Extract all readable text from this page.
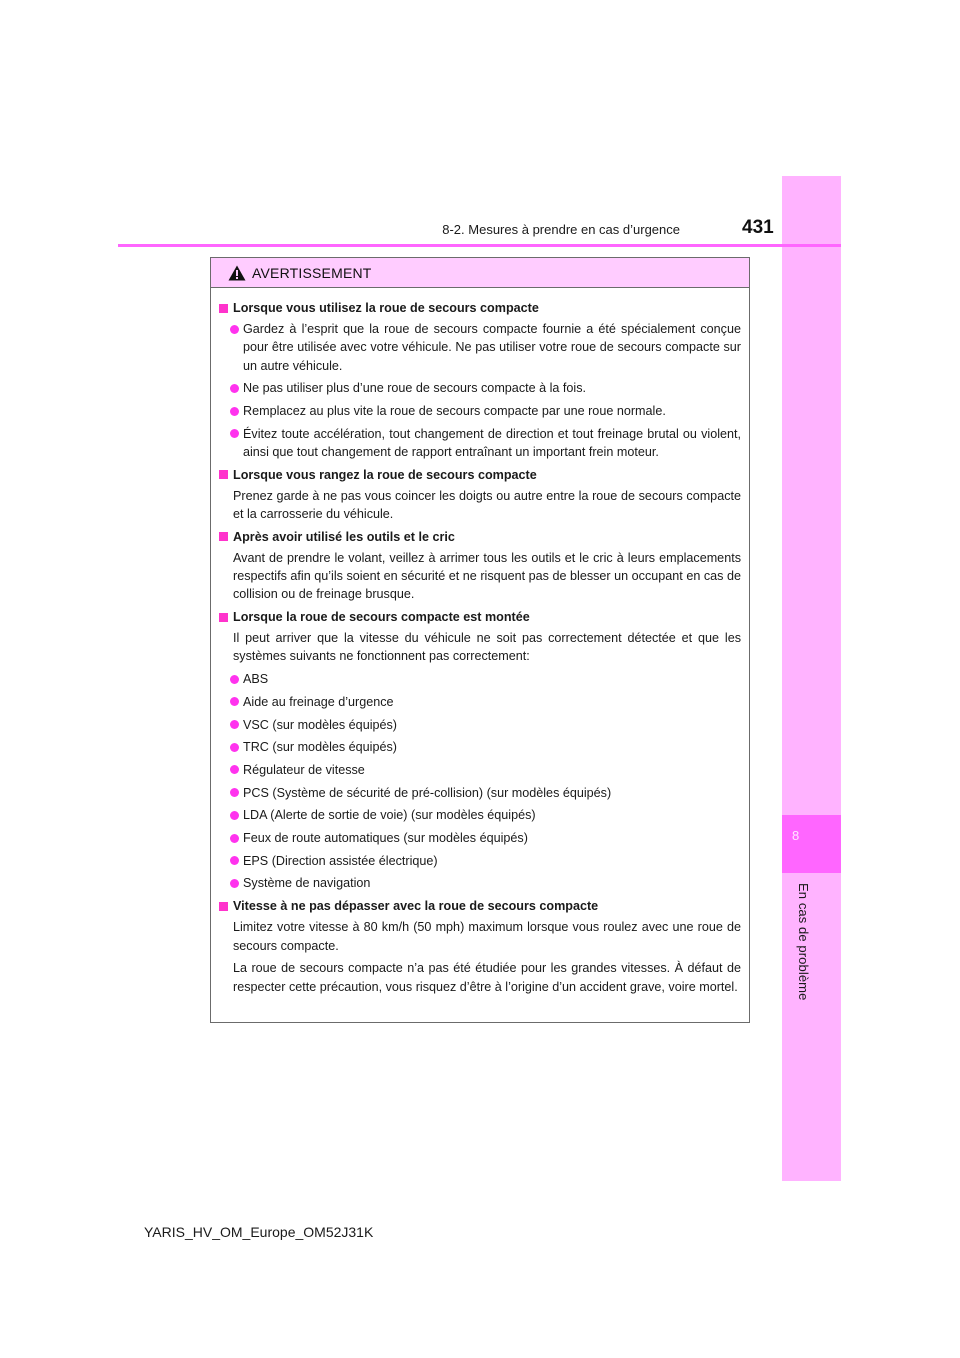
8
En cas de problème
8-2. Mesures à prendre en cas d’urgence	431
AVERTISSEMENT
Lorsque vous utilisez la roue de secours compacte
Gardez à l’esprit que la roue de secours compacte fournie a été spécialement conçue pour être utilisée avec votre véhicule. Ne pas utiliser votre roue de secours compacte sur un autre véhicule.
Ne pas utiliser plus d’une roue de secours compacte à la fois.
Remplacez au plus vite la roue de secours compacte par une roue normale.
Évitez toute accélération, tout changement de direction et tout freinage brutal ou violent, ainsi que tout changement de rapport entraînant un important frein moteur.
Lorsque vous rangez la roue de secours compacte
Prenez garde à ne pas vous coincer les doigts ou autre entre la roue de secours compacte et la carrosserie du véhicule.
Après avoir utilisé les outils et le cric
Avant de prendre le volant, veillez à arrimer tous les outils et le cric à leurs emplacements respectifs afin qu’ils soient en sécurité et ne risquent pas de blesser un occupant en cas de collision ou de freinage brusque.
Lorsque la roue de secours compacte est montée
Il peut arriver que la vitesse du véhicule ne soit pas correctement détectée et que les systèmes suivants ne fonctionnent pas correctement:
ABS
Aide au freinage d’urgence
VSC (sur modèles équipés)
TRC (sur modèles équipés)
Régulateur de vitesse
PCS (Système de sécurité de pré-collision) (sur modèles équipés)
LDA (Alerte de sortie de voie) (sur modèles équipés)
Feux de route automatiques (sur modèles équipés)
EPS (Direction assistée électrique)
Système de navigation
Vitesse à ne pas dépasser avec la roue de secours compacte
Limitez votre vitesse à 80 km/h (50 mph) maximum lorsque vous roulez avec une roue de secours compacte.
La roue de secours compacte n’a pas été étudiée pour les grandes vitesses. À défaut de respecter cette précaution, vous risquez d’être à l’origine d’un accident grave, voire mortel.
YARIS_HV_OM_Europe_OM52J31K
